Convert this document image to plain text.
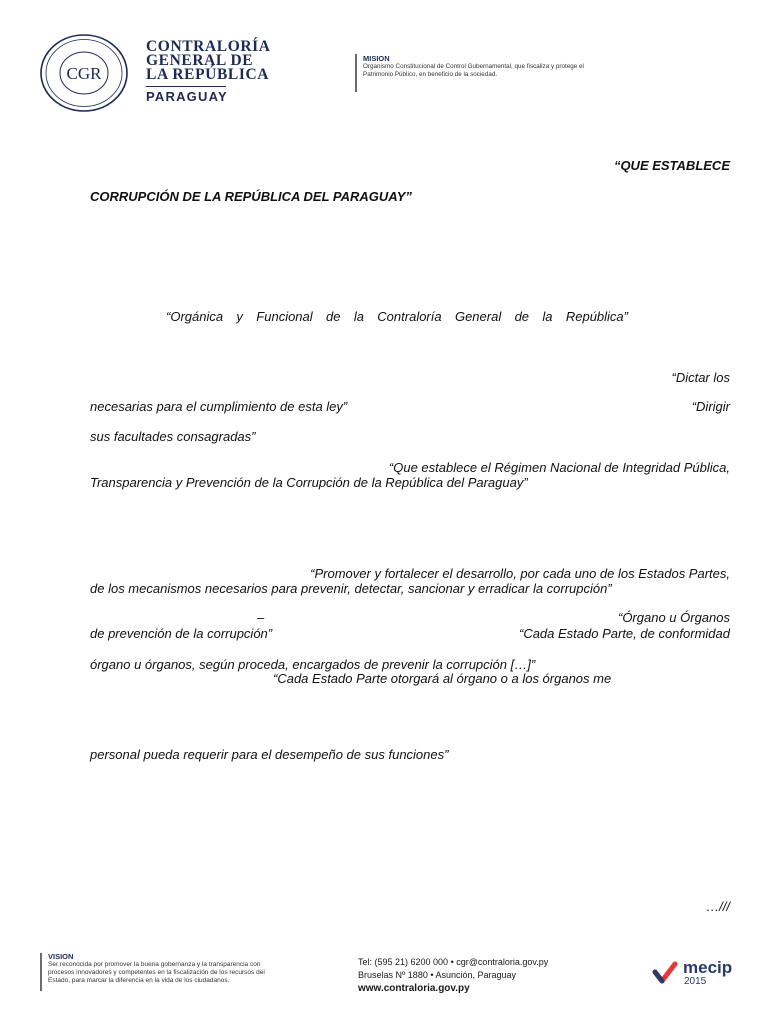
CGR
CONTRALORÍA
GENERAL DE
LA REPÚBLICA
PARAGUAY
MISION
Organismo Constitucional de Control Gubernamental, que fiscaliza y protege el Patrimonio Público, en beneficio de la sociedad.
“QUE ESTABLECE
CORRUPCIÓN DE LA REPÚBLICA DEL PARAGUAY”
“Orgánica y Funcional de la Contraloría General de la República”
“Dictar los
necesarias para el cumplimiento de esta ley”	“Dirigir
sus facultades consagradas”
“Que establece el Régimen Nacional de Integridad Pública,
Transparencia y Prevención de la Corrupción de la República del Paraguay”
“Promover y fortalecer el desarrollo, por cada uno de los Estados Partes,
de los mecanismos necesarios para prevenir, detectar, sancionar y erradicar la corrupción”
–	“Órgano u Órganos
de prevención de la corrupción”	“Cada Estado Parte, de conformidad
órgano u órganos, según proceda, encargados de prevenir la corrupción […]”
“Cada Estado Parte otorgará al órgano o a los órganos me
personal pueda requerir para el desempeño de sus funciones”
…///
VISION
Ser reconocida por promover la buena gobernanza y la transparencia con procesos innovadores y competentes en la fiscalización de los recursos del Estado, para marcar la diferencia en la vida de los ciudadanos.
Tel: (595 21) 6200 000 • cgr@contraloria.gov.py
Bruselas Nº 1880 • Asunción, Paraguay
www.contraloria.gov.py
mecip
2015
